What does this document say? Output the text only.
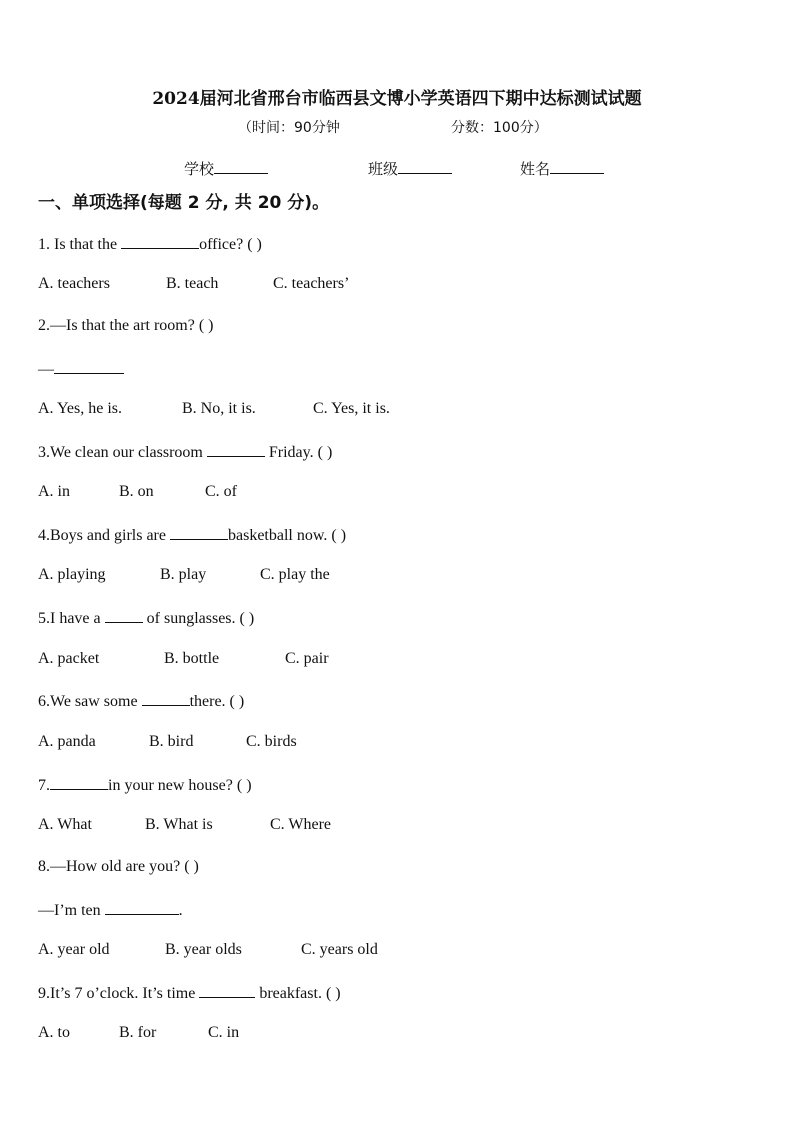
2024届河北省邢台市临西县文博小学英语四下期中达标测试试题
（时间：90分钟	分数：100分）
学校	班级	姓名
一、单项选择(每题 2 分, 共 20 分)。
1. Is that the	office? ( )
A. teachers	B. teach	C. teachers’
2.—Is that the art room? ( )
—
A. Yes, he is.	B. No, it is.	C. Yes, it is.
3.We clean our classroom	Friday. ( )
A. in	B. on	C. of
4.Boys and girls are	basketball now. ( )
A. playing	B. play	C. play the
5.I have a  of sunglasses. ( )
A. packet	B. bottle	C. pair
6.We saw some	there. ( )
A. panda	B. bird	C. birds
7.	in your new house? ( )
A. What	B. What is	C. Where
8.—How old are you? ( )
—I’m ten	.
A. year old	B. year olds	C. years old
9.It’s 7 o’clock. It’s time	breakfast. ( )
A. to	B. for	C. in
